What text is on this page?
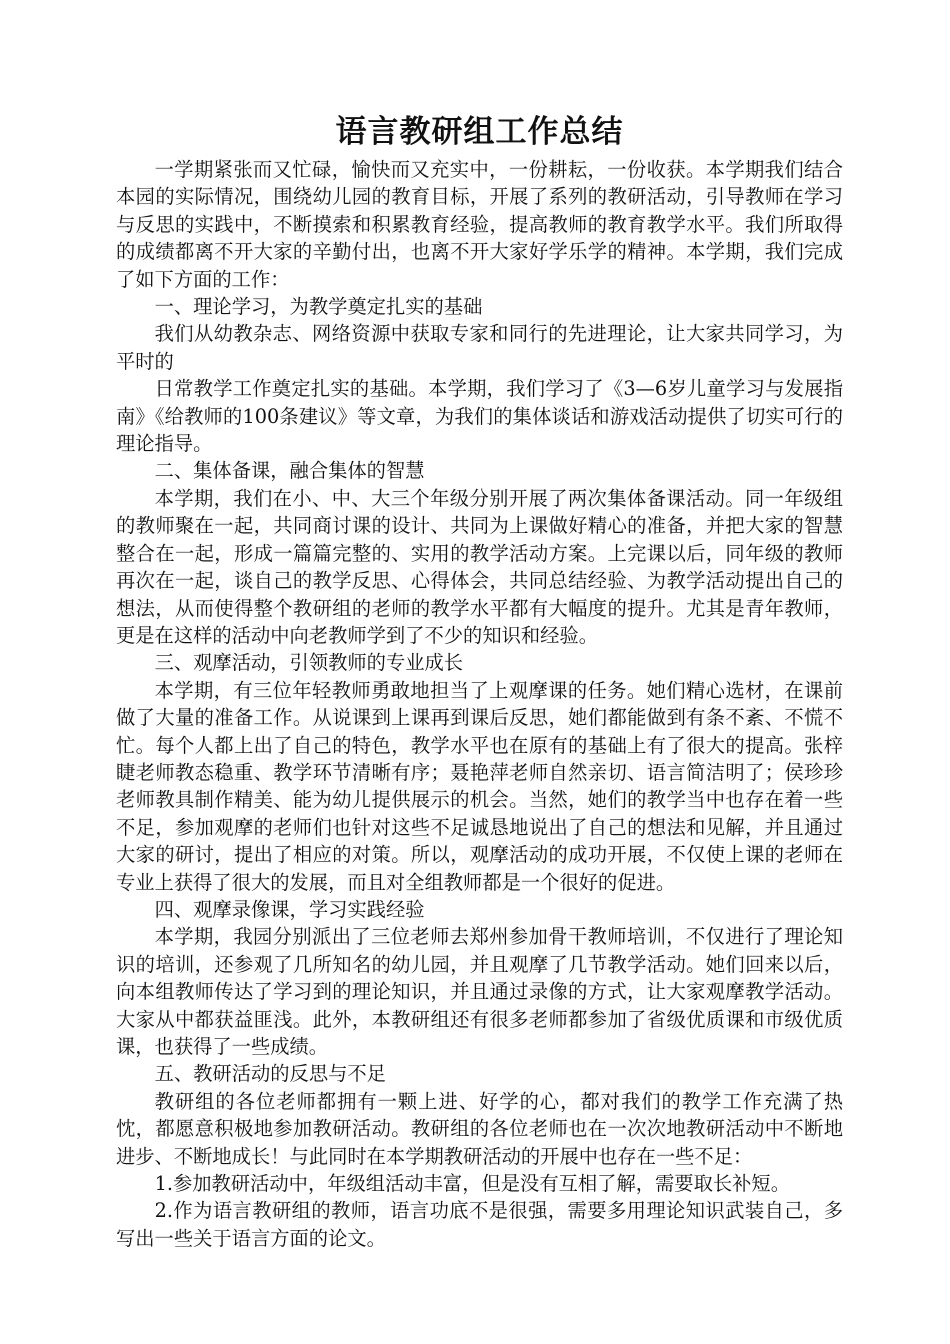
语言教研组工作总结

一学期紧张而又忙碌，愉快而又充实中，一份耕耘，一份收获。本学期我们结合本园的实际情况，围绕幼儿园的教育目标，开展了系列的教研活动，引导教师在学习与反思的实践中，不断摸索和积累教育经验，提高教师的教育教学水平。我们所取得的成绩都离不开大家的辛勤付出，也离不开大家好学乐学的精神。本学期，我们完成了如下方面的工作：

一、理论学习，为教学奠定扎实的基础

我们从幼教杂志、网络资源中获取专家和同行的先进理论，让大家共同学习，为平时的

日常教学工作奠定扎实的基础。本学期，我们学习了《3—6岁儿童学习与发展指南》《给教师的100条建议》等文章，为我们的集体谈话和游戏活动提供了切实可行的理论指导。

二、集体备课，融合集体的智慧

本学期，我们在小、中、大三个年级分别开展了两次集体备课活动。同一年级组的教师聚在一起，共同商讨课的设计、共同为上课做好精心的准备，并把大家的智慧整合在一起，形成一篇篇完整的、实用的教学活动方案。上完课以后，同年级的教师再次在一起，谈自己的教学反思、心得体会，共同总结经验、为教学活动提出自己的想法，从而使得整个教研组的老师的教学水平都有大幅度的提升。尤其是青年教师，更是在这样的活动中向老教师学到了不少的知识和经验。

三、观摩活动，引领教师的专业成长

本学期，有三位年轻教师勇敢地担当了上观摩课的任务。她们精心选材，在课前做了大量的准备工作。从说课到上课再到课后反思，她们都能做到有条不紊、不慌不忙。每个人都上出了自己的特色，教学水平也在原有的基础上有了很大的提高。张梓睫老师教态稳重、教学环节清晰有序；聂艳萍老师自然亲切、语言简洁明了；侯珍珍老师教具制作精美、能为幼儿提供展示的机会。当然，她们的教学当中也存在着一些不足，参加观摩的老师们也针对这些不足诚恳地说出了自己的想法和见解，并且通过大家的研讨，提出了相应的对策。所以，观摩活动的成功开展，不仅使上课的老师在专业上获得了很大的发展，而且对全组教师都是一个很好的促进。

四、观摩录像课，学习实践经验

本学期，我园分别派出了三位老师去郑州参加骨干教师培训，不仅进行了理论知识的培训，还参观了几所知名的幼儿园，并且观摩了几节教学活动。她们回来以后，向本组教师传达了学习到的理论知识，并且通过录像的方式，让大家观摩教学活动。大家从中都获益匪浅。此外，本教研组还有很多老师都参加了省级优质课和市级优质课，也获得了一些成绩。

五、教研活动的反思与不足

教研组的各位老师都拥有一颗上进、好学的心，都对我们的教学工作充满了热忱，都愿意积极地参加教研活动。教研组的各位老师也在一次次地教研活动中不断地进步、不断地成长！与此同时在本学期教研活动的开展中也存在一些不足：

1.参加教研活动中，年级组活动丰富，但是没有互相了解，需要取长补短。

2.作为语言教研组的教师，语言功底不是很强，需要多用理论知识武装自己，多写出一些关于语言方面的论文。
